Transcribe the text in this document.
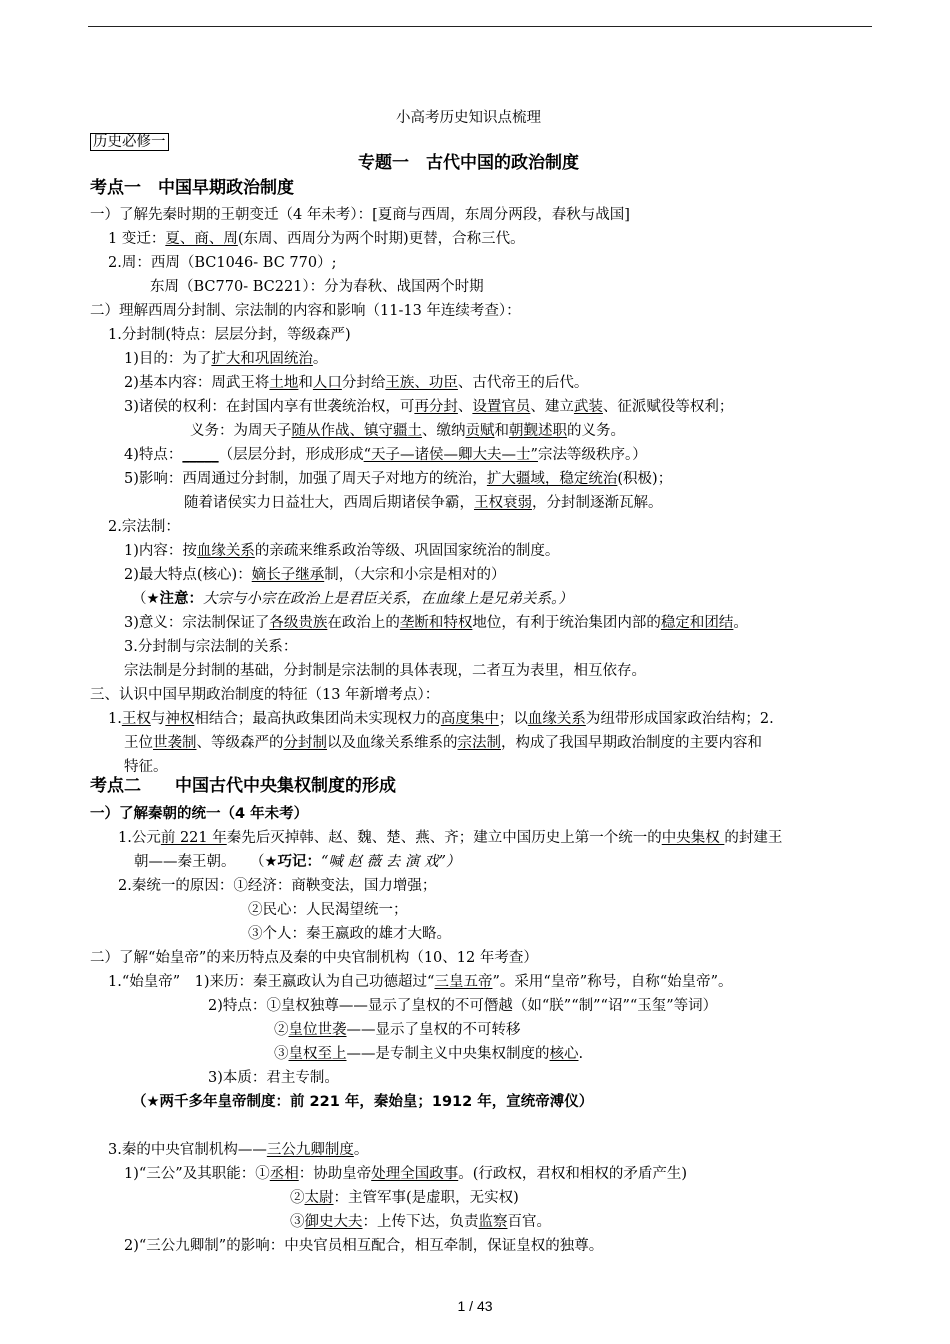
小高考历史知识点梳理
历史必修一
专题一　古代中国的政治制度
考点一　中国早期政治制度
一）了解先秦时期的王朝变迁（4 年未考）：[夏商与西周，东周分两段，春秋与战国]
1 变迁：夏、商、周(东周、西周分为两个时期)更替，合称三代。
2.周：西周（BC1046- BC 770）;
东周（BC770- BC221）：分为春秋、战国两个时期
二）理解西周分封制、宗法制的内容和影响（11-13 年连续考查）：
1.分封制(特点：层层分封，等级森严)
1)目的：为了扩大和巩固统治。
2)基本内容：周武王将土地和人口分封给王族、功臣、古代帝王的后代。
3)诸侯的权利：在封国内享有世袭统治权，可再分封、设置官员、建立武装、征派赋役等权利；
义务：为周天子随从作战、镇守疆土、缴纳贡赋和朝觐述职的义务。
4)特点：_____（层层分封，形成形成“天子—诸侯—卿大夫—士”宗法等级秩序。）
5)影响：西周通过分封制，加强了周天子对地方的统治，扩大疆域，稳定统治(积极)；
随着诸侯实力日益壮大，西周后期诸侯争霸，王权衰弱，分封制逐渐瓦解。
2.宗法制：
1)内容：按血缘关系的亲疏来维系政治等级、巩固国家统治的制度。
2)最大特点(核心)：嫡长子继承制，（大宗和小宗是相对的）
（★注意：大宗与小宗在政治上是君臣关系，在血缘上是兄弟关系。）
3)意义：宗法制保证了各级贵族在政治上的垄断和特权地位，有利于统治集团内部的稳定和团结。
3.分封制与宗法制的关系：
宗法制是分封制的基础，分封制是宗法制的具体表现，二者互为表里，相互依存。
三、认识中国早期政治制度的特征（13 年新增考点）：
1.王权与神权相结合；最高执政集团尚未实现权力的高度集中；以血缘关系为纽带形成国家政治结构；2.
王位世袭制、等级森严的分封制以及血缘关系维系的宗法制，构成了我国早期政治制度的主要内容和
特征。
考点二　　中国古代中央集权制度的形成
一）了解秦朝的统一（4 年未考）
1.公元前 221 年秦先后灭掉韩、赵、魏、楚、燕、齐；建立中国历史上第一个统一的中央集权 的封建王
朝——秦王朝。　　（★巧记：“喊 赵 薇 去 演 戏”）
2.秦统一的原因：①经济：商鞅变法，国力增强；
②民心：人民渴望统一；
③个人：秦王嬴政的雄才大略。
二）了解“始皇帝”的来历特点及秦的中央官制机构（10、12 年考查）
1.“始皇帝”　1)来历：秦王嬴政认为自己功德超过“三皇五帝”。采用“皇帝”称号，自称“始皇帝”。
2)特点：①皇权独尊——显示了皇权的不可僭越（如“朕”“制”“诏”“玉玺”等词）
②皇位世袭——显示了皇权的不可转移
③皇权至上——是专制主义中央集权制度的核心.
3)本质：君主专制。
（★两千多年皇帝制度：前 221 年，秦始皇；1912 年，宣统帝溥仪）
3.秦的中央官制机构——三公九卿制度。
1)“三公”及其职能：①丞相：协助皇帝处理全国政事。(行政权，君权和相权的矛盾产生)
②太尉：主管军事(是虚职，无实权)
③御史大夫：上传下达，负责监察百官。
2)“三公九卿制”的影响：中央官员相互配合，相互牵制，保证皇权的独尊。
1 / 43
